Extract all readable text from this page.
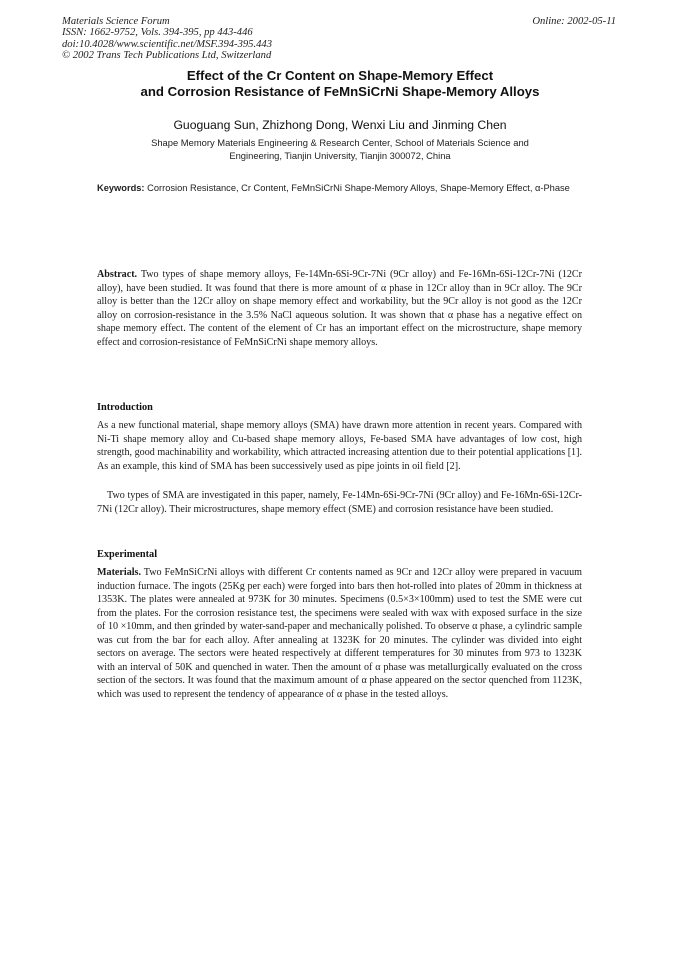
Materials Science Forum
ISSN: 1662-9752, Vols. 394-395, pp 443-446
doi:10.4028/www.scientific.net/MSF.394-395.443
© 2002 Trans Tech Publications Ltd, Switzerland
Online: 2002-05-11
Effect of the Cr Content on Shape-Memory Effect
and Corrosion Resistance of FeMnSiCrNi Shape-Memory Alloys
Guoguang Sun, Zhizhong Dong, Wenxi Liu and Jinming Chen
Shape Memory Materials Engineering & Research Center, School of Materials Science and
Engineering, Tianjin University, Tianjin 300072, China
Keywords: Corrosion Resistance, Cr Content, FeMnSiCrNi Shape-Memory Alloys, Shape-Memory Effect, α-Phase
Abstract. Two types of shape memory alloys, Fe-14Mn-6Si-9Cr-7Ni (9Cr alloy) and Fe-16Mn-6Si-12Cr-7Ni (12Cr alloy), have been studied. It was found that there is more amount of α phase in 12Cr alloy than in 9Cr alloy. The 9Cr alloy is better than the 12Cr alloy on shape memory effect and workability, but the 9Cr alloy is not good as the 12Cr alloy on corrosion-resistance in the 3.5% NaCl aqueous solution. It was shown that α phase has a negative effect on shape memory effect. The content of the element of Cr has an important effect on the microstructure, shape memory effect and corrosion-resistance of FeMnSiCrNi shape memory alloys.
Introduction
As a new functional material, shape memory alloys (SMA) have drawn more attention in recent years. Compared with Ni-Ti shape memory alloy and Cu-based shape memory alloys, Fe-based SMA have advantages of low cost, high strength, good machinability and workability, which attracted increasing attention due to their potential applications [1]. As an example, this kind of SMA has been successively used as pipe joints in oil field [2].
Two types of SMA are investigated in this paper, namely, Fe-14Mn-6Si-9Cr-7Ni (9Cr alloy) and Fe-16Mn-6Si-12Cr-7Ni (12Cr alloy). Their microstructures, shape memory effect (SME) and corrosion resistance have been studied.
Experimental
Materials. Two FeMnSiCrNi alloys with different Cr contents named as 9Cr and 12Cr alloy were prepared in vacuum induction furnace. The ingots (25Kg per each) were forged into bars then hot-rolled into plates of 20mm in thickness at 1353K. The plates were annealed at 973K for 30 minutes. Specimens (0.5×3×100mm) used to test the SME were cut from the plates. For the corrosion resistance test, the specimens were sealed with wax with exposed surface in the size of 10 ×10mm, and then grinded by water-sand-paper and mechanically polished. To observe α phase, a cylindric sample was cut from the bar for each alloy. After annealing at 1323K for 20 minutes. The cylinder was divided into eight sectors on average. The sectors were heated respectively at different temperatures for 30 minutes from 973 to 1323K with an interval of 50K and quenched in water. Then the amount of α phase was metallurgically evaluated on the cross section of the sectors. It was found that the maximum amount of α phase appeared on the sector quenched from 1123K, which was used to represent the tendency of appearance of α phase in the tested alloys.
